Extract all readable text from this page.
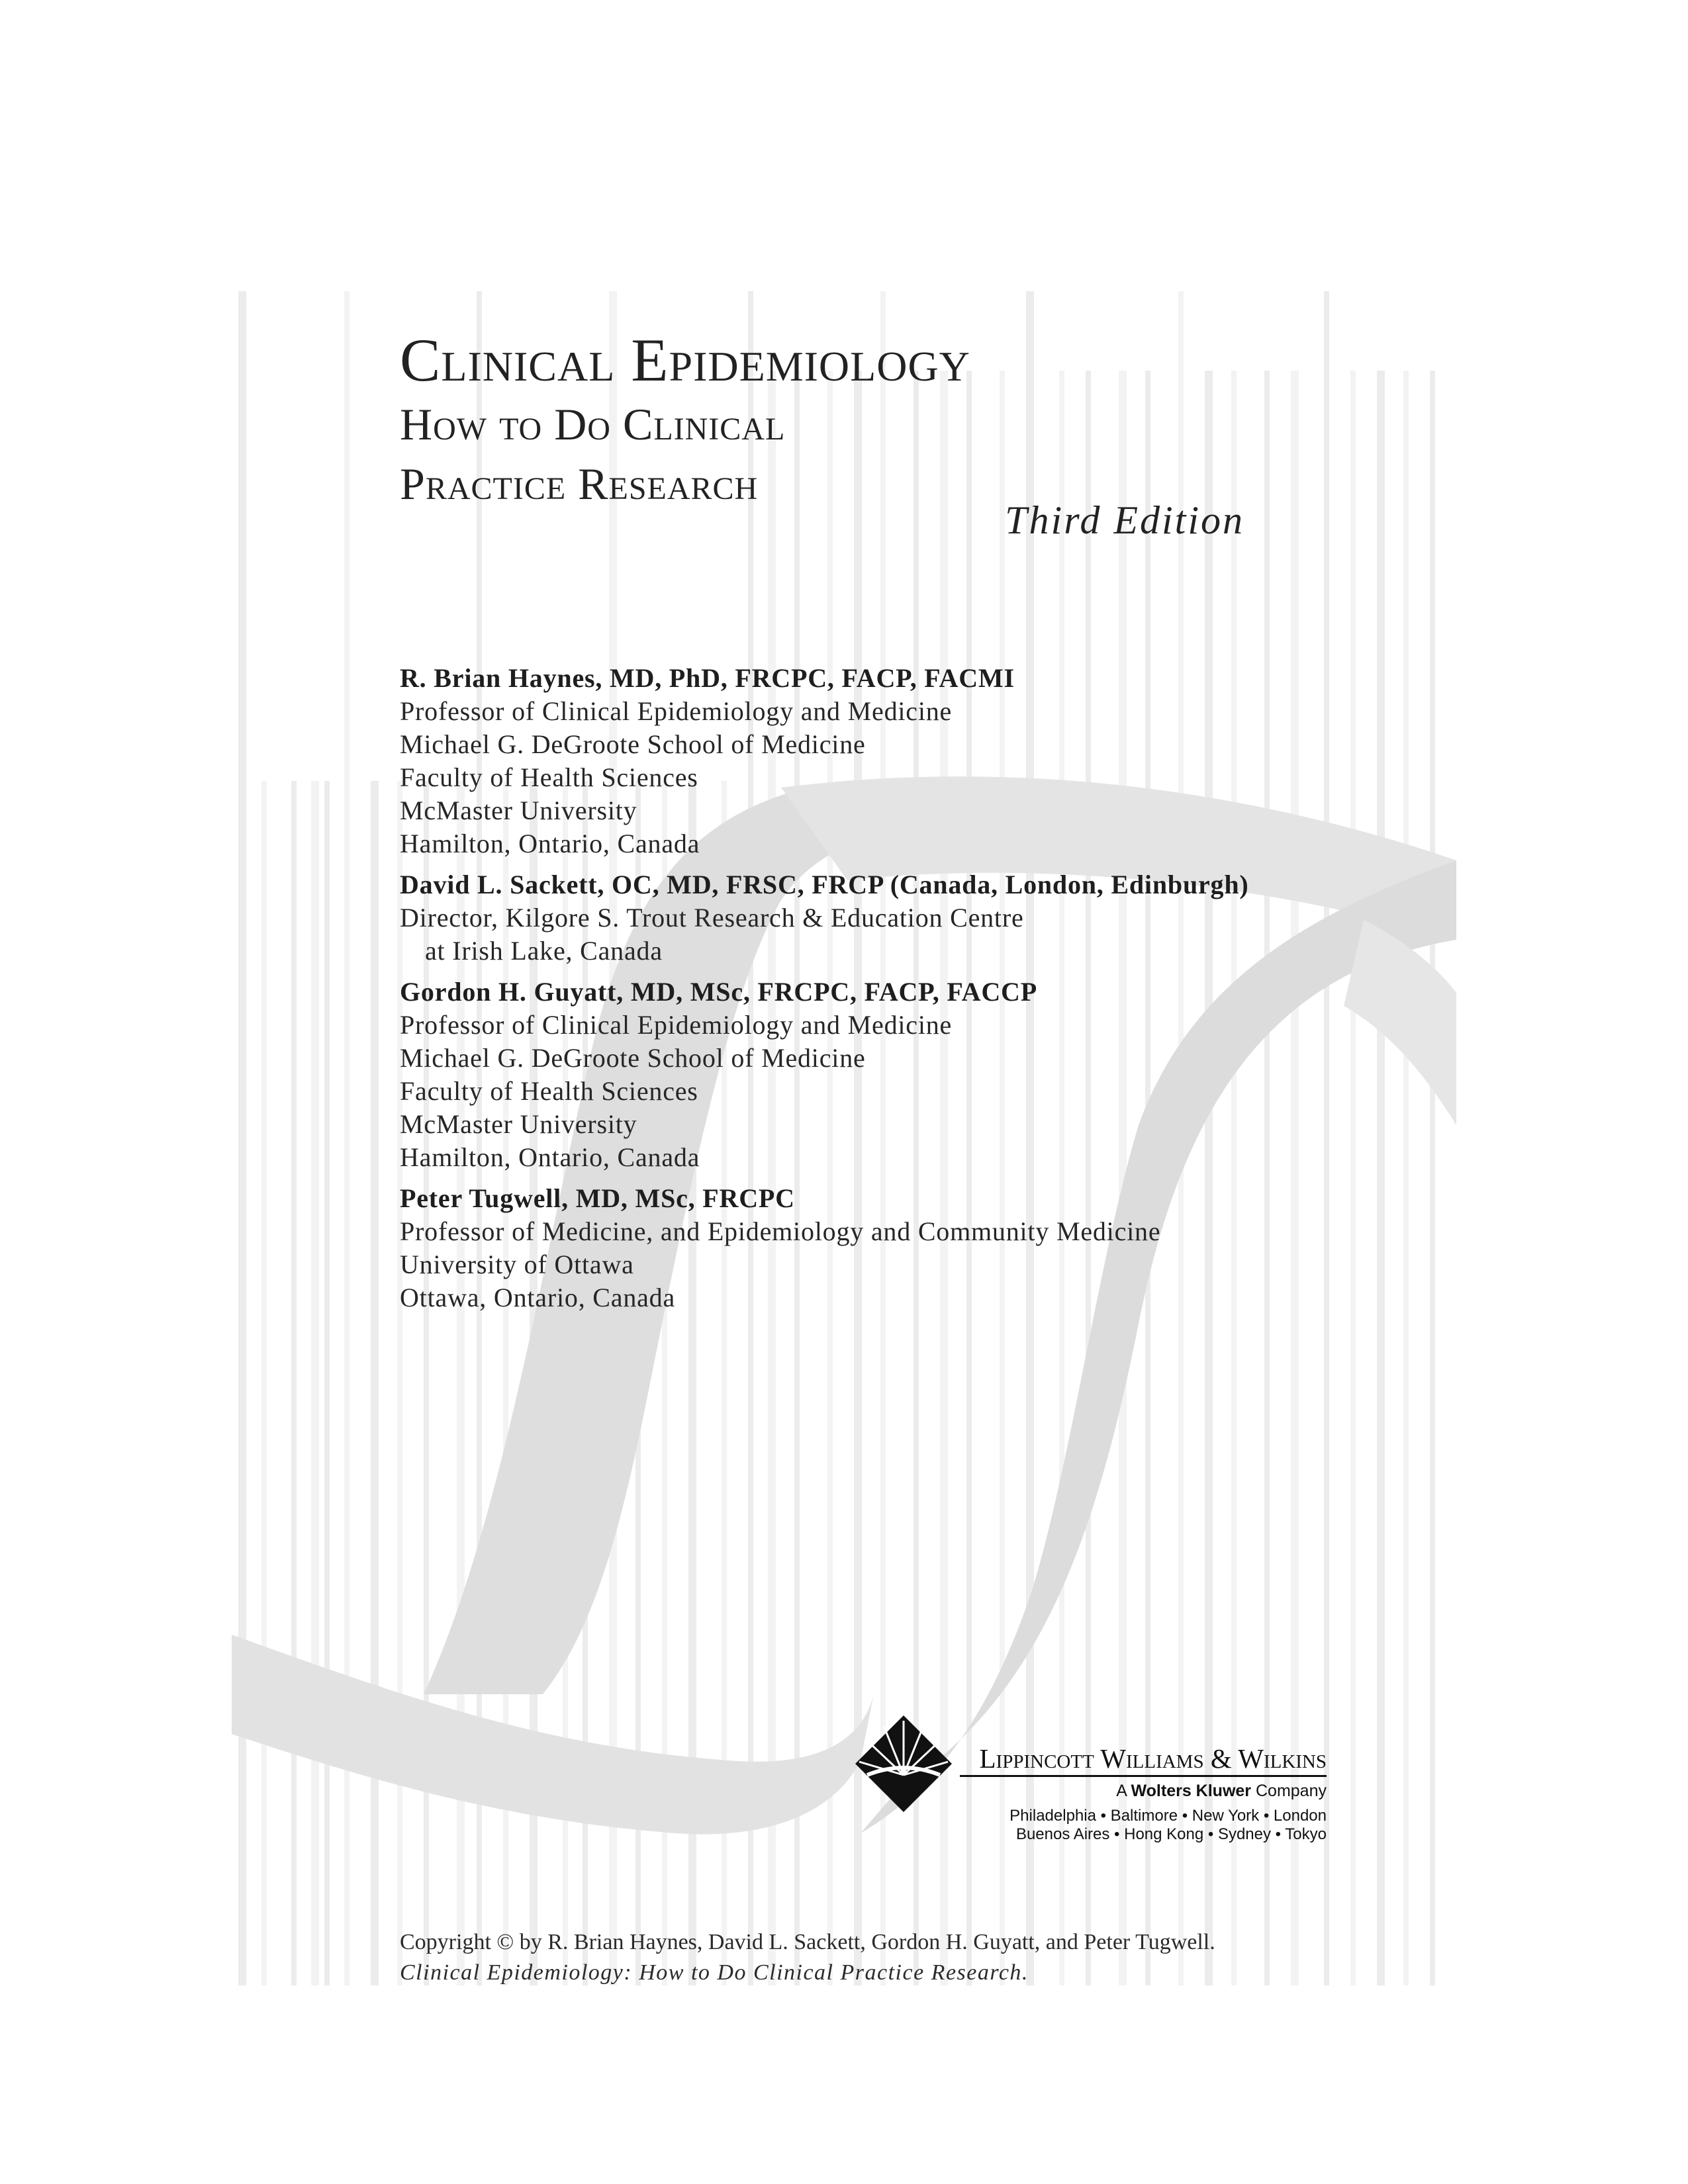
Clinical Epidemiology
How to Do Clinical
Practice Research
Third Edition
R. Brian Haynes, MD, PhD, FRCPC, FACP, FACMI
Professor of Clinical Epidemiology and Medicine
Michael G. DeGroote School of Medicine
Faculty of Health Sciences
McMaster University
Hamilton, Ontario, Canada
David L. Sackett, OC, MD, FRSC, FRCP (Canada, London, Edinburgh)
Director, Kilgore S. Trout Research & Education Centre
at Irish Lake, Canada
Gordon H. Guyatt, MD, MSc, FRCPC, FACP, FACCP
Professor of Clinical Epidemiology and Medicine
Michael G. DeGroote School of Medicine
Faculty of Health Sciences
McMaster University
Hamilton, Ontario, Canada
Peter Tugwell, MD, MSc, FRCPC
Professor of Medicine, and Epidemiology and Community Medicine
University of Ottawa
Ottawa, Ontario, Canada
Lippincott Williams & Wilkins
A Wolters Kluwer Company
Philadelphia • Baltimore • New York • London
Buenos Aires • Hong Kong • Sydney • Tokyo
Copyright © by R. Brian Haynes, David L. Sackett, Gordon H. Guyatt, and Peter Tugwell.
Clinical Epidemiology: How to Do Clinical Practice Research.
